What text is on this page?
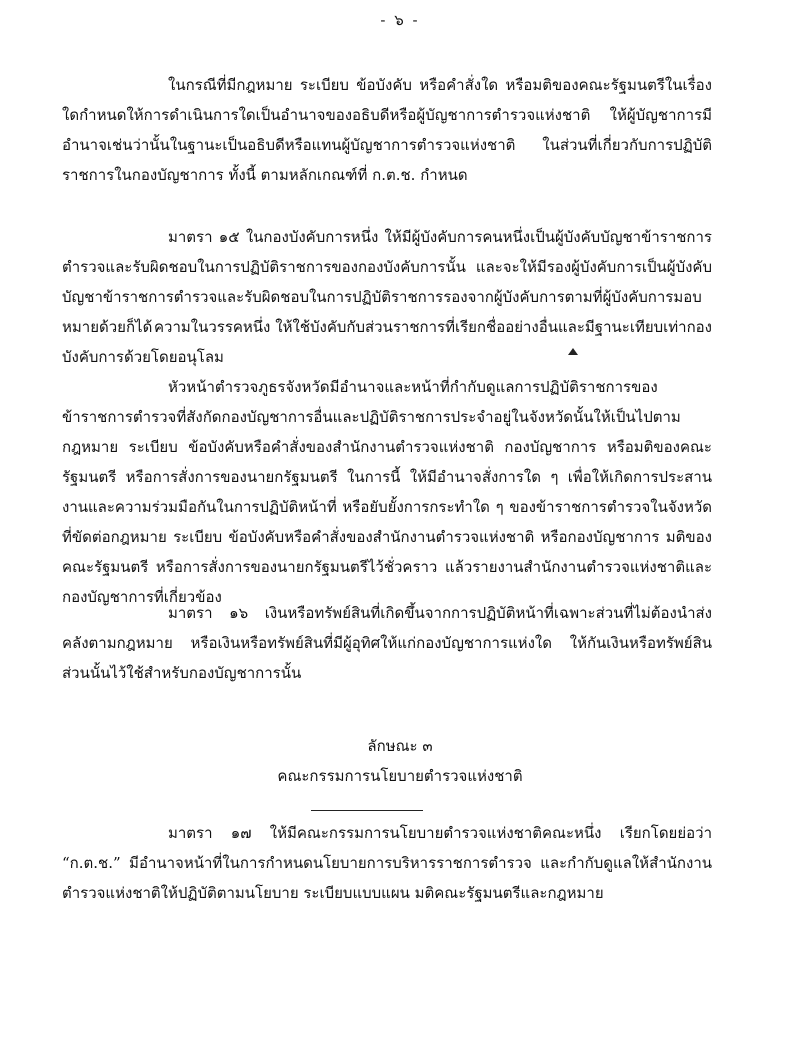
- ๖ -
ในกรณีที่มีกฎหมาย ระเบียบ ข้อบังคับ หรือคำสั่งใด หรือมติของคณะรัฐมนตรีในเรื่องใดกำหนดให้การดำเนินการใดเป็นอำนาจของอธิบดีหรือผู้บัญชาการตำรวจแห่งชาติ ให้ผู้บัญชาการมีอำนาจเช่นว่านั้นในฐานะเป็นอธิบดีหรือแทนผู้บัญชาการตำรวจแห่งชาติ ในส่วนที่เกี่ยวกับการปฏิบัติราชการในกองบัญชาการ ทั้งนี้ ตามหลักเกณฑ์ที่ ก.ต.ช. กำหนด
มาตรา ๑๕ ในกองบังคับการหนึ่ง ให้มีผู้บังคับการคนหนึ่งเป็นผู้บังคับบัญชาข้าราชการตำรวจและรับผิดชอบในการปฏิบัติราชการของกองบังคับการนั้น และจะให้มีรองผู้บังคับการเป็นผู้บังคับบัญชาข้าราชการตำรวจและรับผิดชอบในการปฏิบัติราชการรองจากผู้บังคับการตามที่ผู้บังคับการมอบหมายด้วยก็ได้ ความในวรรคหนึ่ง ให้ใช้บังคับกับส่วนราชการที่เรียกชื่ออย่างอื่นและมีฐานะเทียบเท่ากองบังคับการด้วยโดยอนุโลม
หัวหน้าตำรวจภูธรจังหวัดมีอำนาจและหน้าที่กำกับดูแลการปฏิบัติราชการของข้าราชการตำรวจที่สังกัดกองบัญชาการอื่นและปฏิบัติราชการประจำอยู่ในจังหวัดนั้นให้เป็นไปตามกฎหมาย ระเบียบ ข้อบังคับหรือคำสั่งของสำนักงานตำรวจแห่งชาติ กองบัญชาการ หรือมติของคณะรัฐมนตรี หรือการสั่งการของนายกรัฐมนตรี ในการนี้ ให้มีอำนาจสั่งการใด ๆ เพื่อให้เกิดการประสานงานและความร่วมมือกันในการปฏิบัติหน้าที่ หรือยับยั้งการกระทำใด ๆ ของข้าราชการตำรวจในจังหวัดที่ขัดต่อกฎหมาย ระเบียบ ข้อบังคับหรือคำสั่งของสำนักงานตำรวจแห่งชาติ หรือกองบัญชาการ มติของคณะรัฐมนตรี หรือการสั่งการของนายกรัฐมนตรีไว้ชั่วคราว แล้วรายงานสำนักงานตำรวจแห่งชาติและกองบัญชาการที่เกี่ยวข้อง
มาตรา ๑๖ เงินหรือทรัพย์สินที่เกิดขึ้นจากการปฏิบัติหน้าที่เฉพาะส่วนที่ไม่ต้องนำส่งคลังตามกฎหมาย หรือเงินหรือทรัพย์สินที่มีผู้อุทิศให้แก่กองบัญชาการแห่งใด ให้กันเงินหรือทรัพย์สินส่วนนั้นไว้ใช้สำหรับกองบัญชาการนั้น
ลักษณะ ๓
คณะกรรมการนโยบายตำรวจแห่งชาติ
มาตรา ๑๗ ให้มีคณะกรรมการนโยบายตำรวจแห่งชาติคณะหนึ่ง เรียกโดยย่อว่า “ก.ต.ช.” มีอำนาจหน้าที่ในการกำหนดนโยบายการบริหารราชการตำรวจ และกำกับดูแลให้สำนักงานตำรวจแห่งชาติให้ปฏิบัติตามนโยบาย ระเบียบแบบแผน มติคณะรัฐมนตรีและกฎหมาย
